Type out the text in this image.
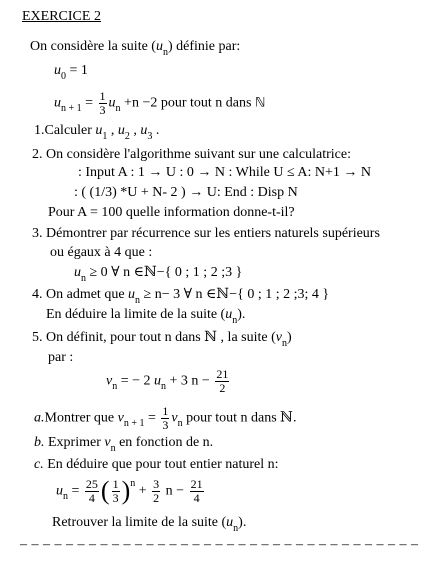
EXERCICE 2
On considère la suite $(u_n)$ définie par:
$u_0 = 1$
$u_{n + 1} = \frac{1}{3} u_n +n -2$ pour tout n dans ℕ
1.Calculer $u_1$ , $u_2$ , $u_3$ .
2. On considère l'algorithme suivant sur une calculatrice:
: Input A : 1 → U : 0 → N : While U ≤ A: N+1 → N
: ( (1/3) *U + N- 2 ) → U: End : Disp N
Pour A = 100 quelle information donne-t-il?
3. Démontrer par récurrence sur les entiers naturels supérieurs
ou égaux à 4 que :
$u_n \ge 0$ ∀ n ∈ℕ−{ 0 ; 1 ; 2 ;3 }
4. On admet que $u_n \ge n- 3$ ∀ n ∈ℕ−{ 0 ; 1 ; 2 ;3; 4 }
En déduire la limite de la suite $(u_n)$.
5. On définit, pour tout n dans ℕ , la suite $(v_n)$
par :
$v_n$ = − 2 $u_n + 3$ $n - \frac{21}{2}$
a.Montrer que $v_{n + 1} = \frac{1}{3} v_n$ pour tout n dans ℕ.
b. Exprimer $v_n$ en fonction de n.
c. En déduire que pour tout entier naturel n:
$u_n = \frac{25}{4}$ ( $\frac{1}{3} )^n + \frac{3}{2}$ $n - \frac{21}{4}$
Retrouver la limite de la suite $(u_n)$.
– – – – – – – – – – – – – – – – – – – – – – – – – – – – – – – – – – –
